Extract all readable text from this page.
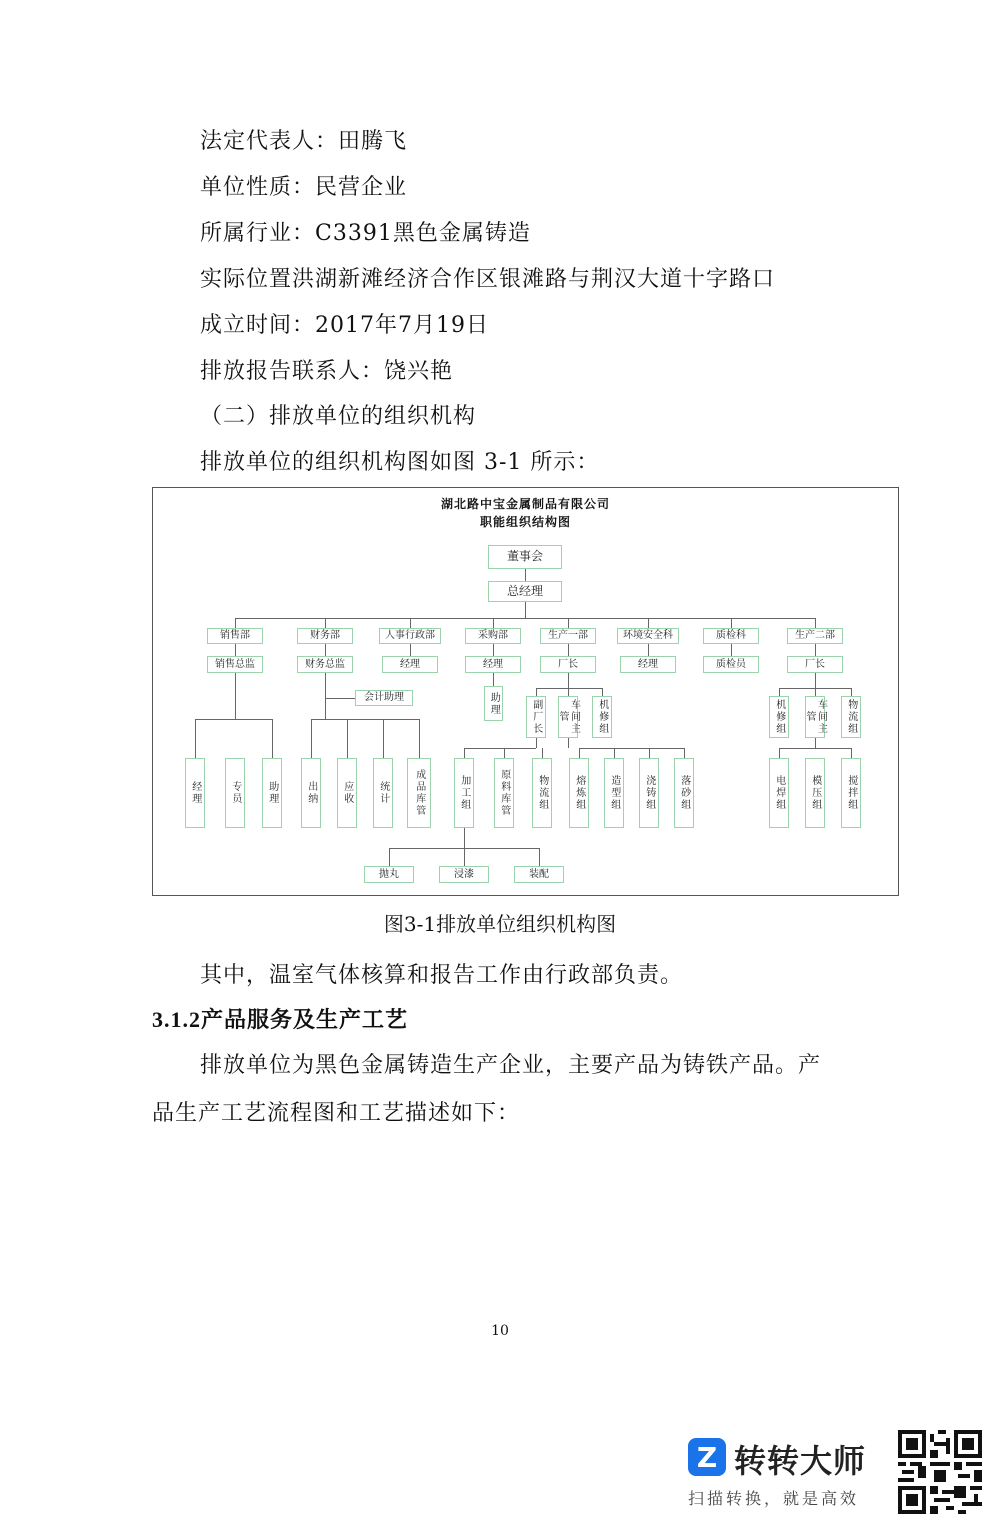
法定代表人：田腾飞
单位性质：民营企业
所属行业：C3391黑色金属铸造
实际位置洪湖新滩经济合作区银滩路与荆汉大道十字路口
成立时间：2017年7月19日
排放报告联系人：饶兴艳
（二）排放单位的组织机构
排放单位的组织机构图如图 3-1 所示：
湖北路中宝金属制品有限公司
职能组织结构图
董事会
总经理
销售部	财务部	人事行政部	采购部	生产一部	环境安全科	质检科	生产二部
销售总监	财务总监	经理	经理	厂长	经理	质检员	厂长
会计助理	助理
经理	专员	助理	出纳	应收	统计	成品库管
副厂长	车间主管	机修组
加工组	原料库管	物流组	熔炼组	造型组	浇铸组	落砂组
抛丸	浸漆	装配
机修组	车间主管	物流组
电焊组	模压组	搅拌组
图3-1排放单位组织机构图
其中，温室气体核算和报告工作由行政部负责。
3.1.2产品服务及生产工艺
排放单位为黑色金属铸造生产企业，主要产品为铸铁产品。产
品生产工艺流程图和工艺描述如下：
10
Z 转转大师
扫描转换，就是高效
